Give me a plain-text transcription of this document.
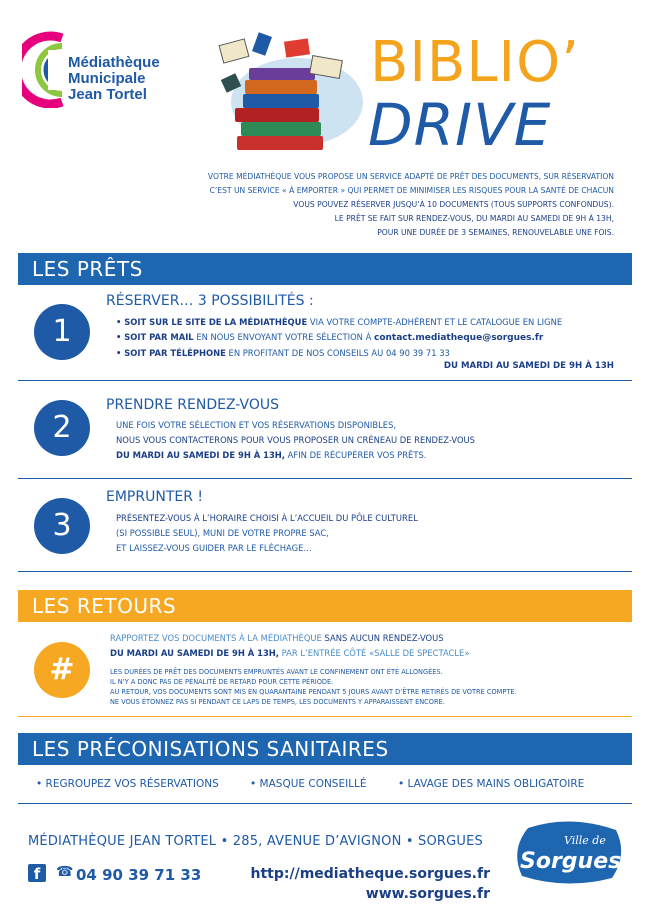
Médiathèque
Municipale
Jean Tortel	BIBLIO’
DRIVE
VOTRE MÉDIATHÈQUE VOUS PROPOSE UN SERVICE ADAPTÉ DE PRÊT DES DOCUMENTS, SUR RÉSERVATION
C’EST UN SERVICE « À EMPORTER » QUI PERMET DE MINIMISER LES RISQUES POUR LA SANTÉ DE CHACUN
VOUS POUVEZ RÉSERVER JUSQU’À 10 DOCUMENTS (TOUS SUPPORTS CONFONDUS).
LE PRÊT SE FAIT SUR RENDEZ-VOUS, DU MARDI AU SAMEDI DE 9H À 13H,
POUR UNE DURÉE DE 3 SEMAINES, RENOUVELABLE UNE FOIS.
LES PRÊTS
1
RÉSERVER… 3 POSSIBILITÉS :
• SOIT SUR LE SITE DE LA MÉDIATHÈQUE VIA VOTRE COMPTE-ADHÉRENT ET LE CATALOGUE EN LIGNE
• SOIT PAR MAIL EN NOUS ENVOYANT VOTRE SÉLECTION À contact.mediatheque@sorgues.fr
• SOIT PAR TÉLÉPHONE EN PROFITANT DE NOS CONSEILS AU 04 90 39 71 33
DU MARDI AU SAMEDI DE 9H À 13H
2
PRENDRE RENDEZ-VOUS
UNE FOIS VOTRE SÉLECTION ET VOS RÉSERVATIONS DISPONIBLES,
NOUS VOUS CONTACTERONS POUR VOUS PROPOSER UN CRÉNEAU DE RENDEZ-VOUS
DU MARDI AU SAMEDI DE 9H À 13H, AFIN DE RÉCUPÉRER VOS PRÊTS.
3
EMPRUNTER !
PRÉSENTEZ-VOUS À L’HORAIRE CHOISI À L’ACCUEIL DU PÔLE CULTUREL
(SI POSSIBLE SEUL), MUNI DE VOTRE PROPRE SAC,
ET LAISSEZ-VOUS GUIDER PAR LE FLÉCHAGE…
LES RETOURS
#
RAPPORTEZ VOS DOCUMENTS À LA MÉDIATHÈQUE SANS AUCUN RENDEZ-VOUS
DU MARDI AU SAMEDI DE 9H À 13H, PAR L’ENTRÉE CÔTÉ «SALLE DE SPECTACLE»
LES DURÉES DE PRÊT DES DOCUMENTS EMPRUNTÉS AVANT LE CONFINEMENT ONT ÉTÉ ALLONGÉES.
IL N’Y A DONC PAS DE PÉNALITÉ DE RETARD POUR CETTE PÉRIODE.
AU RETOUR, VOS DOCUMENTS SONT MIS EN QUARANTAINE PENDANT 5 JOURS AVANT D’ÊTRE RETIRÉS DE VOTRE COMPTE.
NE VOUS ÉTONNEZ PAS SI PENDANT CE LAPS DE TEMPS, LES DOCUMENTS Y APPARAISSENT ENCORE.
LES PRÉCONISATIONS SANITAIRES
• REGROUPEZ VOS RÉSERVATIONS	• MASQUE CONSEILLÉ	• LAVAGE DES MAINS OBLIGATOIRE
MÉDIATHÈQUE JEAN TORTEL • 285, AVENUE D’AVIGNON • SORGUES
f	☎ 04 90 39 71 33	http://mediatheque.sorgues.fr
www.sorgues.fr
Ville de
Sorgues
